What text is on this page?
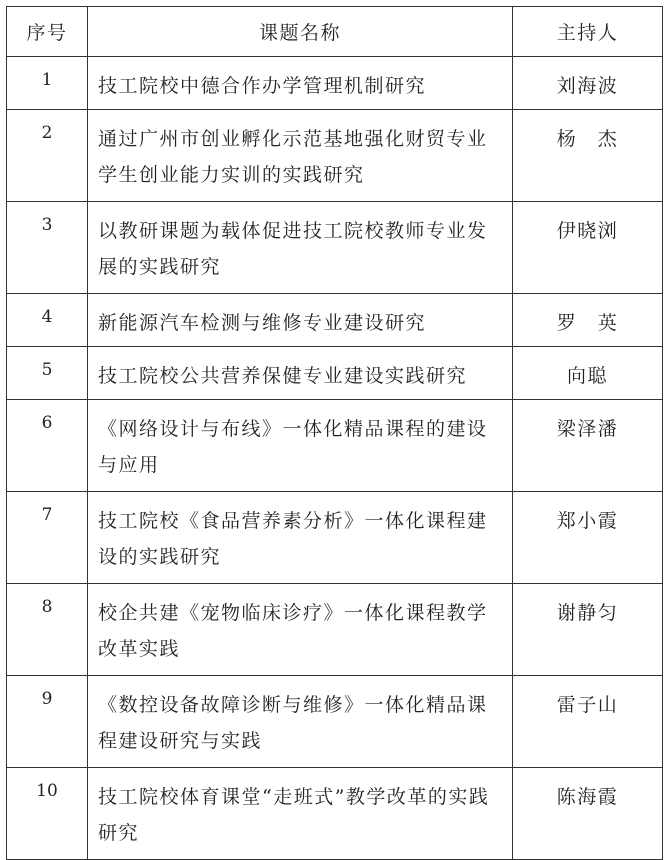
序号	课题名称	主持人
1	技工院校中德合作办学管理机制研究	刘海波
2	通过广州市创业孵化示范基地强化财贸专业学生创业能力实训的实践研究	杨　杰
3	以教研课题为载体促进技工院校教师专业发展的实践研究	伊晓浏
4	新能源汽车检测与维修专业建设研究	罗　英
5	技工院校公共营养保健专业建设实践研究	向聪
6	《网络设计与布线》一体化精品课程的建设与应用	梁泽潘
7	技工院校《食品营养素分析》一体化课程建设的实践研究	郑小霞
8	校企共建《宠物临床诊疗》一体化课程教学改革实践	谢静匀
9	《数控设备故障诊断与维修》一体化精品课程建设研究与实践	雷子山
10	技工院校体育课堂“走班式”教学改革的实践研究	陈海霞
